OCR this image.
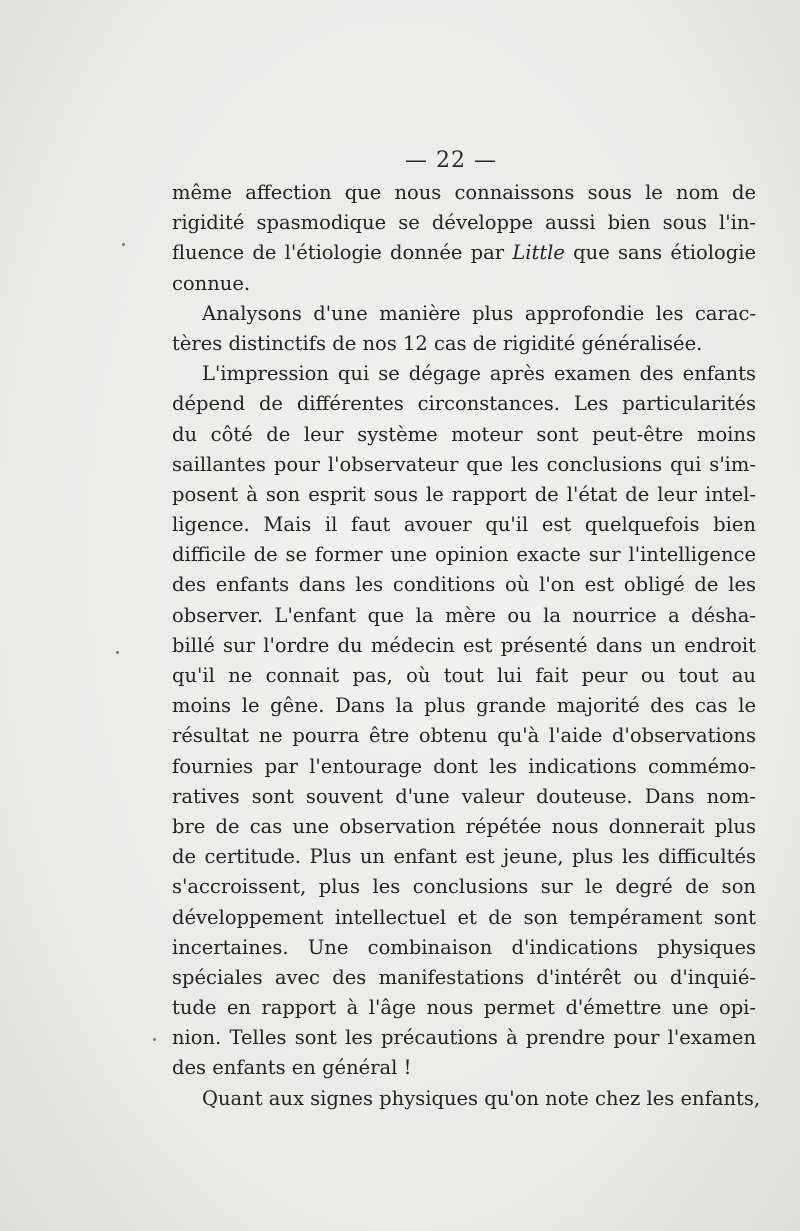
— 22 —
même affection que nous connaissons sous le nom de
rigidité spasmodique se développe aussi bien sous l'in-
fluence de l'étiologie donnée par Little que sans étiologie
connue.
Analysons d'une manière plus approfondie les carac-
tères distinctifs de nos 12 cas de rigidité généralisée.
L'impression qui se dégage après examen des enfants
dépend de différentes circonstances. Les particularités
du côté de leur système moteur sont peut-être moins
saillantes pour l'observateur que les conclusions qui s'im-
posent à son esprit sous le rapport de l'état de leur intel-
ligence. Mais il faut avouer qu'il est quelquefois bien
difficile de se former une opinion exacte sur l'intelligence
des enfants dans les conditions où l'on est obligé de les
observer. L'enfant que la mère ou la nourrice a désha-
billé sur l'ordre du médecin est présenté dans un endroit
qu'il ne connait pas, où tout lui fait peur ou tout au
moins le gêne. Dans la plus grande majorité des cas le
résultat ne pourra être obtenu qu'à l'aide d'observations
fournies par l'entourage dont les indications commémo-
ratives sont souvent d'une valeur douteuse. Dans nom-
bre de cas une observation répétée nous donnerait plus
de certitude. Plus un enfant est jeune, plus les difficultés
s'accroissent, plus les conclusions sur le degré de son
développement intellectuel et de son tempérament sont
incertaines. Une combinaison d'indications physiques
spéciales avec des manifestations d'intérêt ou d'inquié-
tude en rapport à l'âge nous permet d'émettre une opi-
nion. Telles sont les précautions à prendre pour l'examen
des enfants en général !
Quant aux signes physiques qu'on note chez les enfants,
